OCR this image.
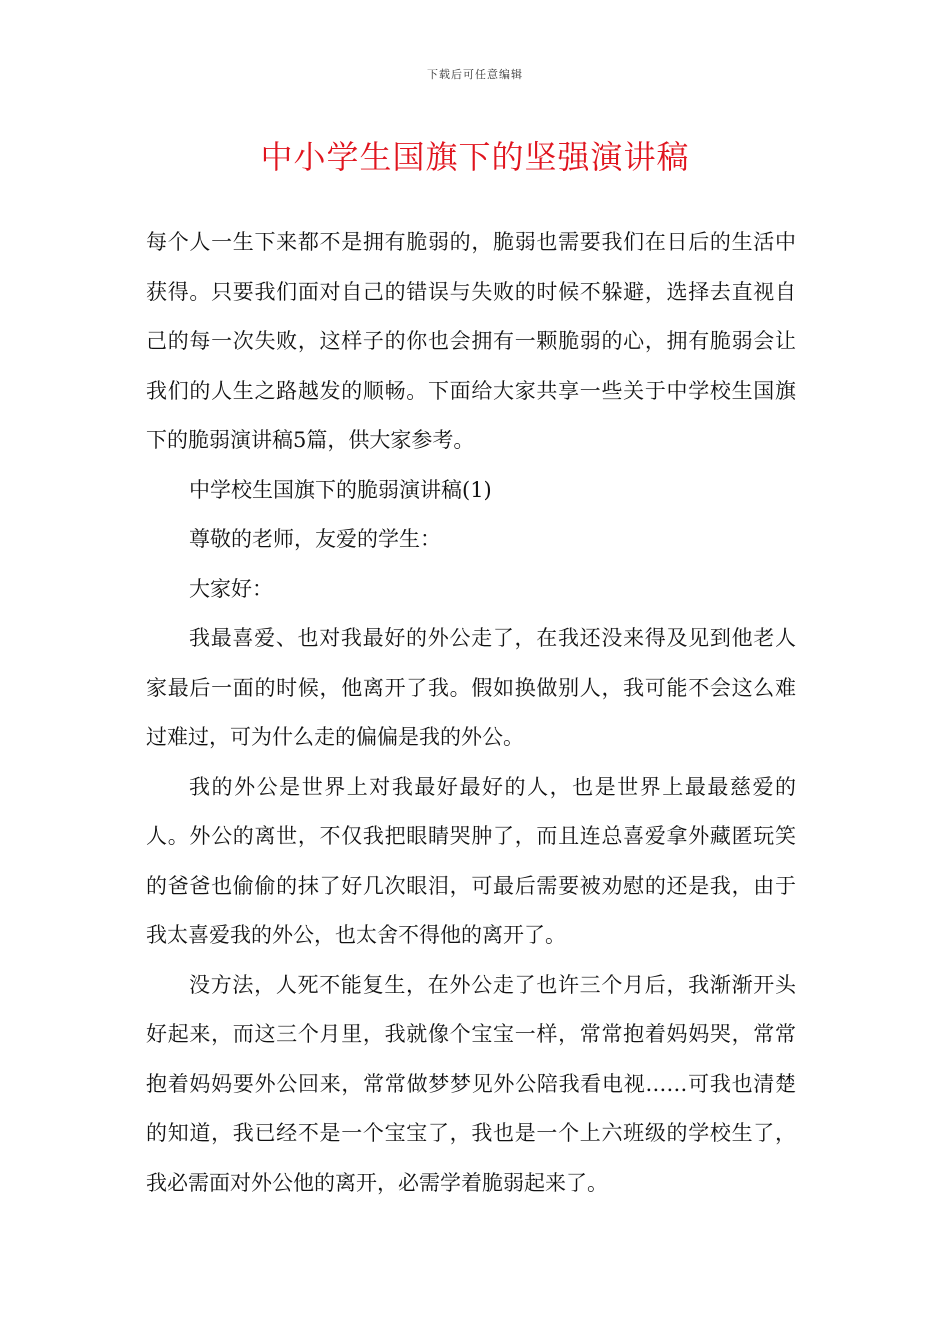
下载后可任意编辑
中小学生国旗下的坚强演讲稿

每个人一生下来都不是拥有脆弱的，脆弱也需要我们在日后的生活中获得。只要我们面对自己的错误与失败的时候不躲避，选择去直视自己的每一次失败，这样子的你也会拥有一颗脆弱的心，拥有脆弱会让我们的人生之路越发的顺畅。下面给大家共享一些关于中学校生国旗下的脆弱演讲稿5篇，供大家参考。

中学校生国旗下的脆弱演讲稿(1)

尊敬的老师，友爱的学生：

大家好：

我最喜爱、也对我最好的外公走了，在我还没来得及见到他老人家最后一面的时候，他离开了我。假如换做别人，我可能不会这么难过难过，可为什么走的偏偏是我的外公。

我的外公是世界上对我最好最好的人，也是世界上最最慈爱的人。外公的离世，不仅我把眼睛哭肿了，而且连总喜爱拿外藏匿玩笑的爸爸也偷偷的抹了好几次眼泪，可最后需要被劝慰的还是我，由于我太喜爱我的外公，也太舍不得他的离开了。

没方法，人死不能复生，在外公走了也许三个月后，我渐渐开头好起来，而这三个月里，我就像个宝宝一样，常常抱着妈妈哭，常常抱着妈妈要外公回来，常常做梦梦见外公陪我看电视……可我也清楚的知道，我已经不是一个宝宝了，我也是一个上六班级的学校生了，我必需面对外公他的离开，必需学着脆弱起来了。
